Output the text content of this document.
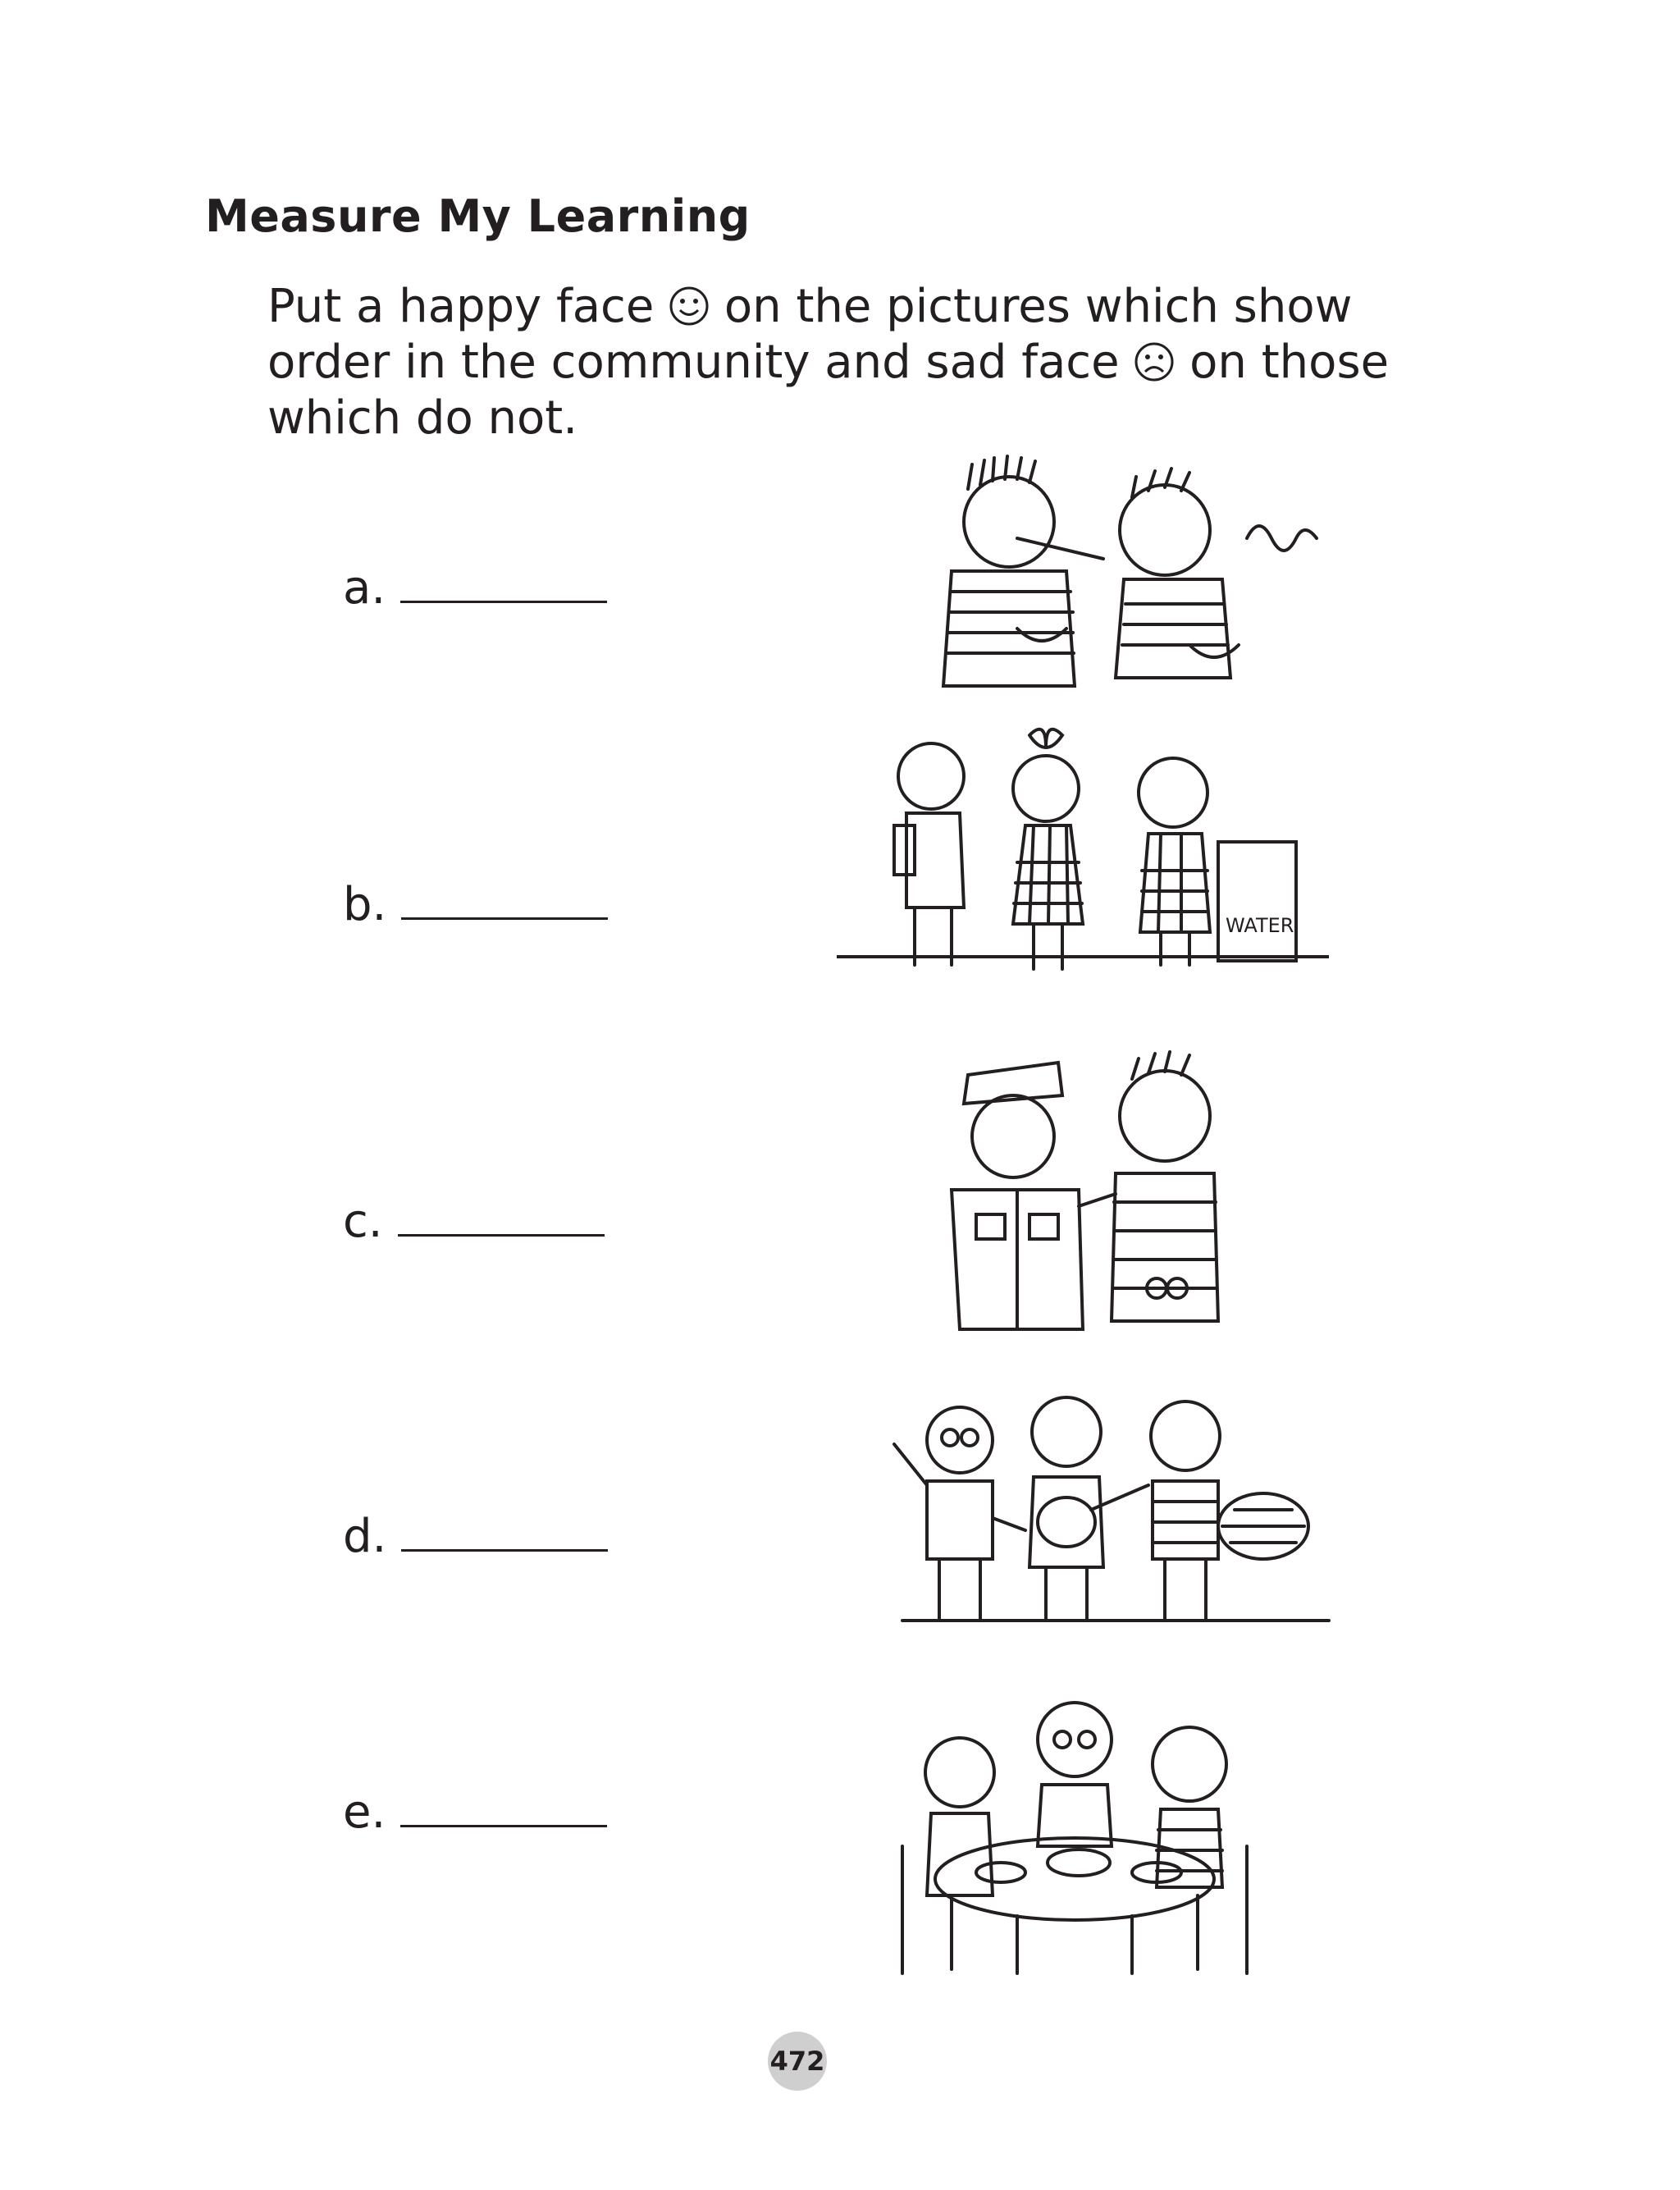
Measure My Learning

Put a happy face on the pictures which show

order in the community and sad face on those

which do not.

a.
b.	WATER
c.
d.
e.
472
